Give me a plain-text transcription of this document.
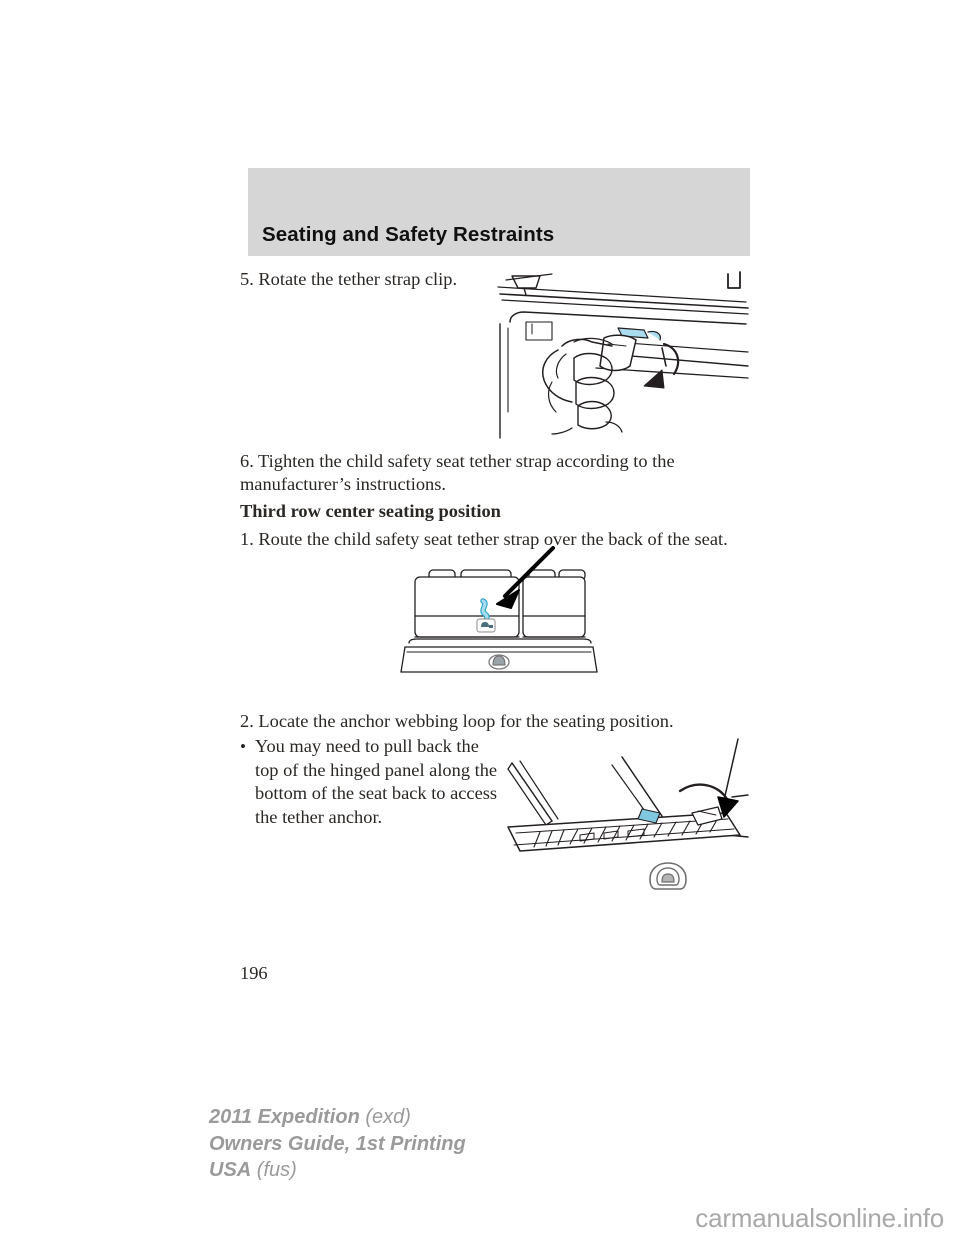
Seating and Safety Restraints
5. Rotate the tether strap clip.
6. Tighten the child safety seat tether strap according to the
manufacturer’s instructions.
Third row center seating position
1. Route the child safety seat tether strap over the back of the seat.
2. Locate the anchor webbing loop for the seating position.
• You may need to pull back the
top of the hinged panel along the
bottom of the seat back to access
the tether anchor.
196
2011 Expedition (exd)
Owners Guide, 1st Printing
USA (fus)
carmanualsonline.info
